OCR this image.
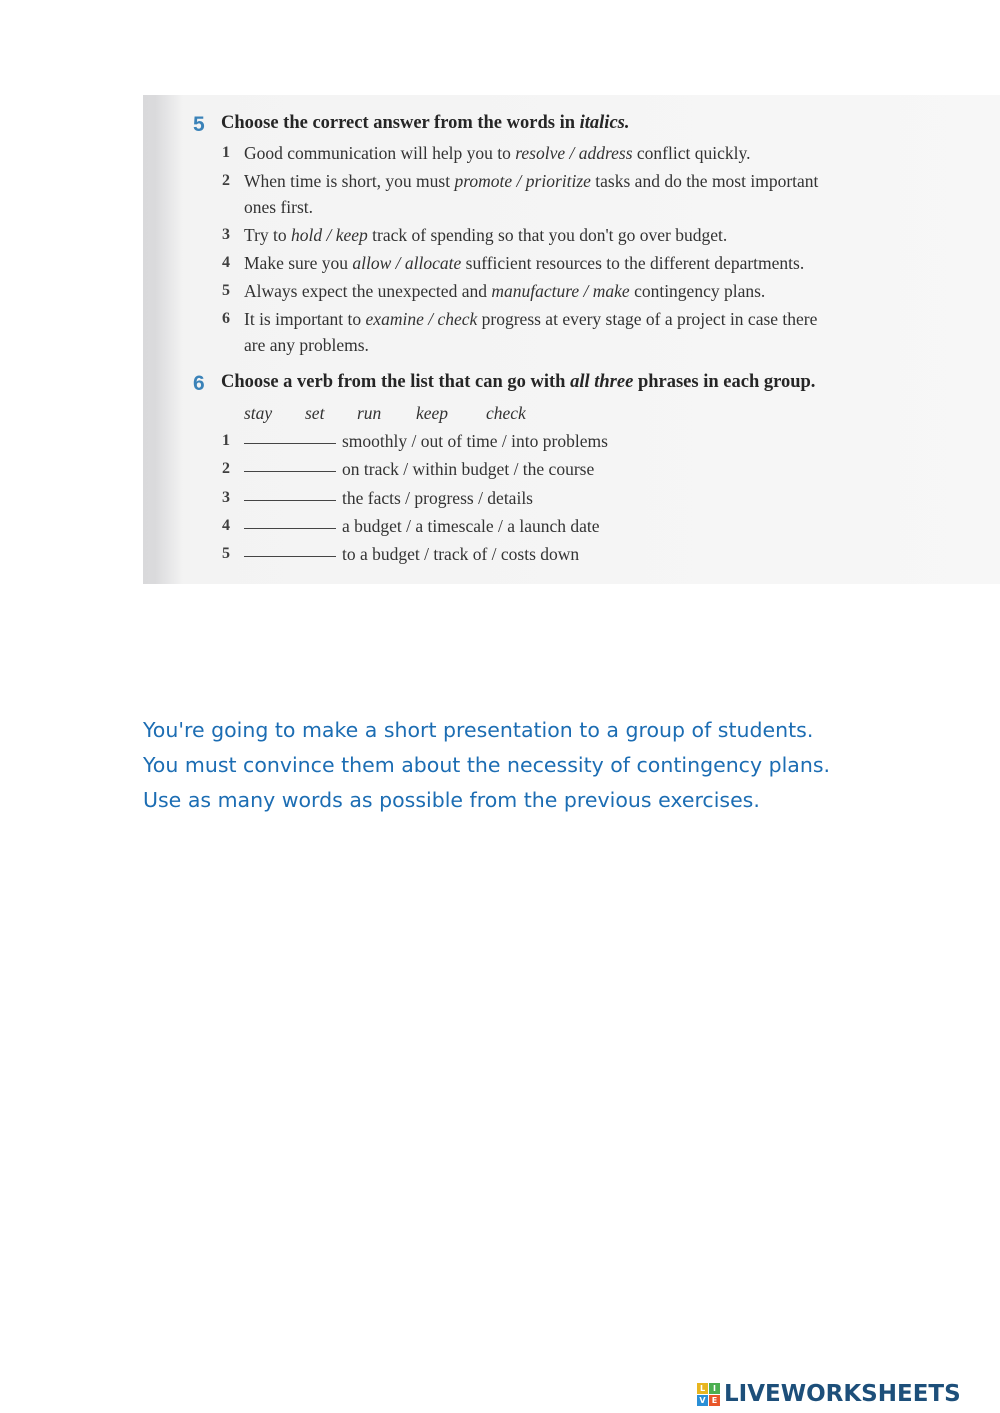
5 Choose the correct answer from the words in italics.
1 Good communication will help you to resolve / address conflict quickly.
2 When time is short, you must promote / prioritize tasks and do the most important
ones first.
3 Try to hold / keep track of spending so that you don't go over budget.
4 Make sure you allow / allocate sufficient resources to the different departments.
5 Always expect the unexpected and manufacture / make contingency plans.
6 It is important to examine / check progress at every stage of a project in case there
are any problems.
6 Choose a verb from the list that can go with all three phrases in each group.
stay set run keep check
1	smoothly / out of time / into problems
2	on track / within budget / the course
3	the facts / progress / details
4	a budget / a timescale / a launch date
5	to a budget / track of / costs down
You're going to make a short presentation to a group of students.
You must convince them about the necessity of contingency plans.
Use as many words as possible from the previous exercises.
L I
V E LIVEWORKSHEETS
